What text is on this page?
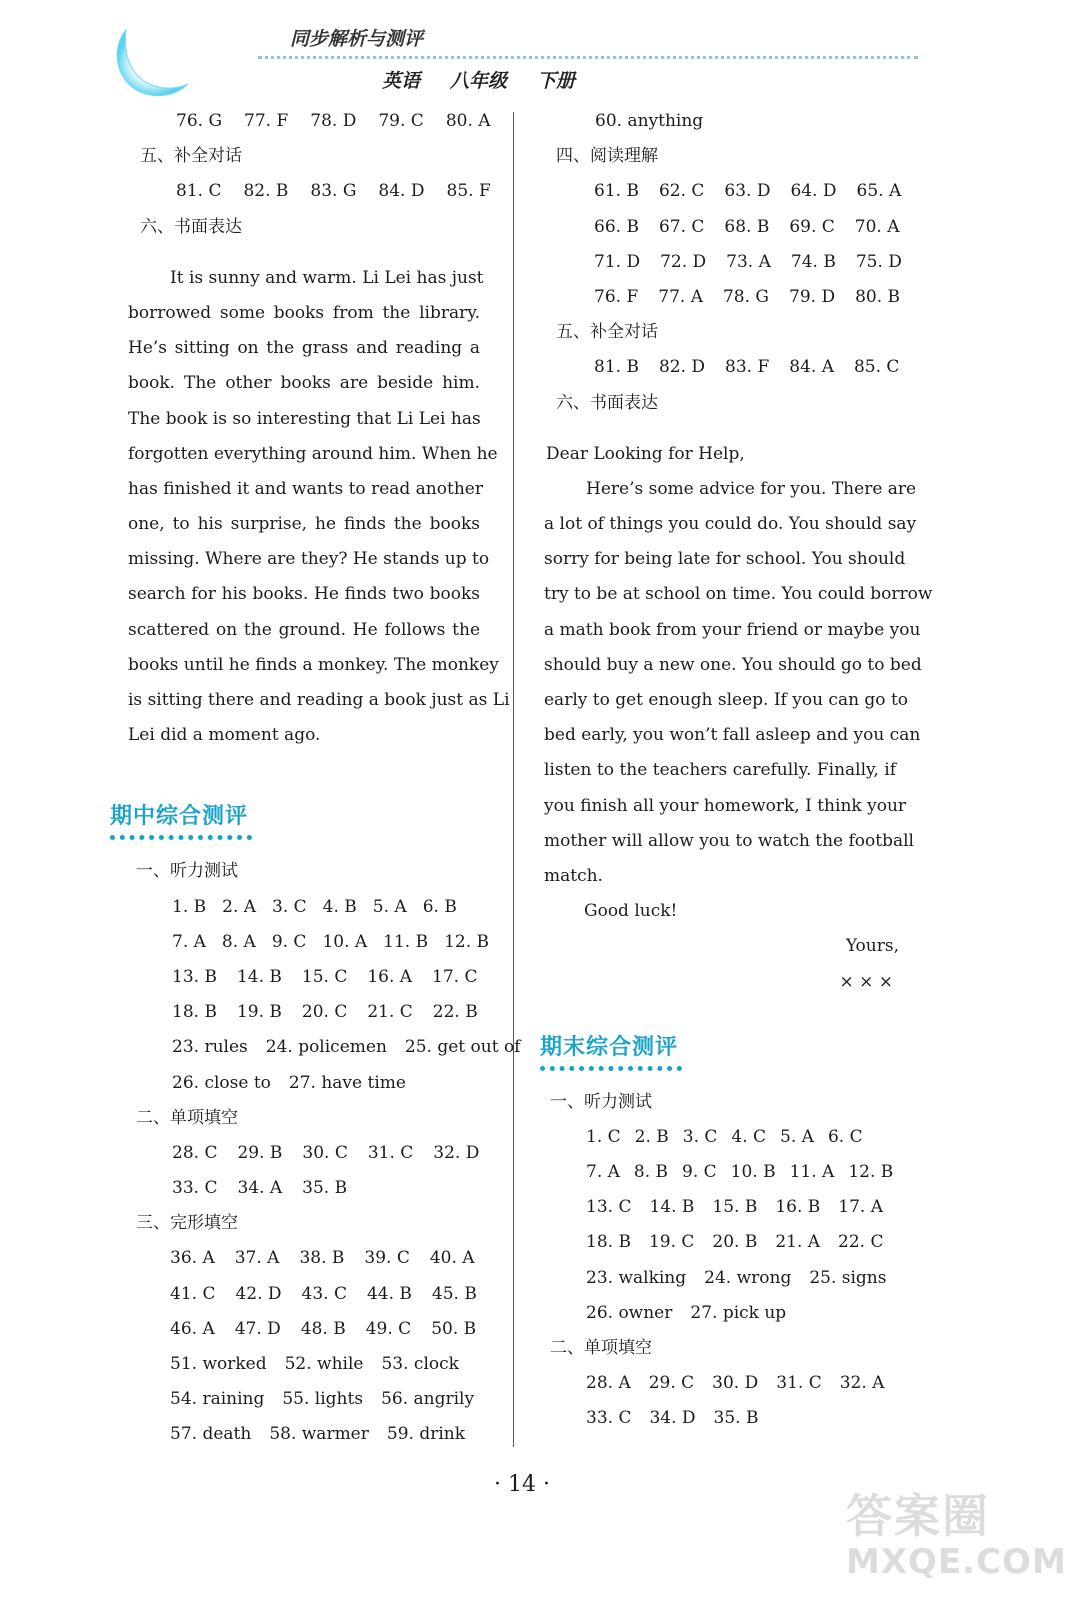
同步解析与测评
英语 八年级 下册
76. G 77. F 78. D 79. C 80. A
五、补全对话
81. C 82. B 83. G 84. D 85. F
六、书面表达
It is sunny and warm. Li Lei has just
borrowed some books from the library.
He’s sitting on the grass and reading a
book. The other books are beside him.
The book is so interesting that Li Lei has
forgotten everything around him. When he
has finished it and wants to read another
one, to his surprise, he finds the books
missing. Where are they? He stands up to
search for his books. He finds two books
scattered on the ground. He follows the
books until he finds a monkey. The monkey
is sitting there and reading a book just as Li
Lei did a moment ago.
期中综合测评
一、听力测试
1. B 2. A 3. C 4. B 5. A 6. B
7. A 8. A 9. C 10. A 11. B 12. B
13. B 14. B 15. C 16. A 17. C
18. B 19. B 20. C 21. C 22. B
23. rules 24. policemen 25. get out of
26. close to 27. have time
二、单项填空
28. C 29. B 30. C 31. C 32. D
33. C 34. A 35. B
三、完形填空
36. A 37. A 38. B 39. C 40. A
41. C 42. D 43. C 44. B 45. B
46. A 47. D 48. B 49. C 50. B
51. worked 52. while 53. clock
54. raining 55. lights 56. angrily
57. death 58. warmer 59. drink
60. anything
四、阅读理解
61. B 62. C 63. D 64. D 65. A
66. B 67. C 68. B 69. C 70. A
71. D 72. D 73. A 74. B 75. D
76. F 77. A 78. G 79. D 80. B
五、补全对话
81. B 82. D 83. F 84. A 85. C
六、书面表达
Dear Looking for Help,
Here’s some advice for you. There are
a lot of things you could do. You should say
sorry for being late for school. You should
try to be at school on time. You could borrow
a math book from your friend or maybe you
should buy a new one. You should go to bed
early to get enough sleep. If you can go to
bed early, you won’t fall asleep and you can
listen to the teachers carefully. Finally, if
you finish all your homework, I think your
mother will allow you to watch the football
match.
Good luck!
Yours,
× × ×
期末综合测评
一、听力测试
1. C 2. B 3. C 4. C 5. A 6. C
7. A 8. B 9. C 10. B 11. A 12. B
13. C 14. B 15. B 16. B 17. A
18. B 19. C 20. B 21. A 22. C
23. walking 24. wrong 25. signs
26. owner 27. pick up
二、单项填空
28. A 29. C 30. D 31. C 32. A
33. C 34. D 35. B
· 14 ·
答案圈
MXQE.COM
